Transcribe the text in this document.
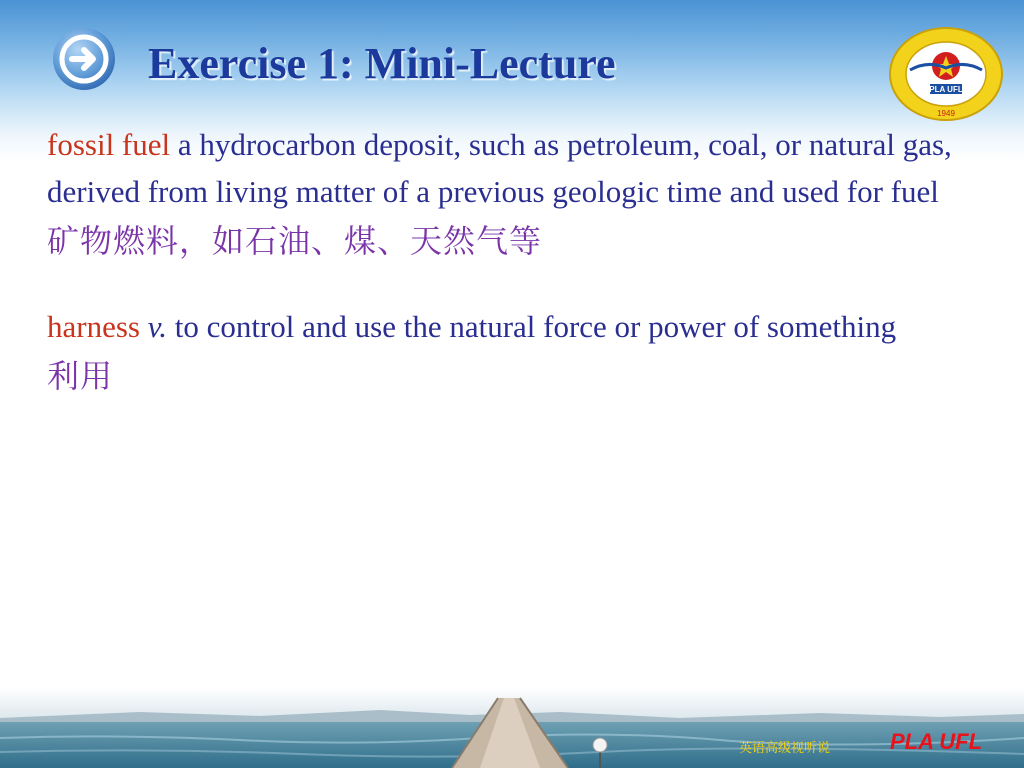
Exercise 1: Mini-Lecture
PLA UFL
1949

fossil fuel a hydrocarbon deposit, such as petroleum, coal, or natural gas, derived from living matter of a previous geologic time and used for fuel

矿物燃料，如石油、煤、天然气等

harness v. to control and use the natural force or power of something

利用

英语高级视听说	PLA UFL
